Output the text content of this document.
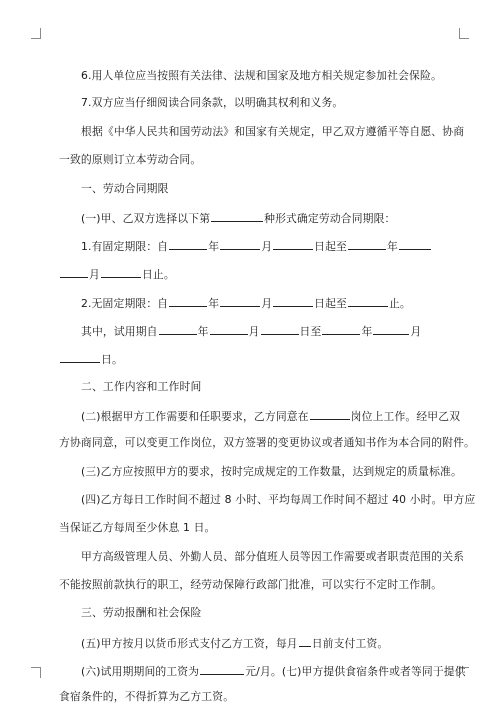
6.用人单位应当按照有关法律、法规和国家及地方相关规定参加社会保险。
7.双方应当仔细阅读合同条款，以明确其权利和义务。
根据《中华人民共和国劳动法》和国家有关规定，甲乙双方遵循平等自愿、协商
一致的原则订立本劳动合同。
一、劳动合同期限
(一)甲、乙双方选择以下第	种形式确定劳动合同期限：
1.有固定期限：自	年	月	日起至	年
月	日止。
2.无固定期限：自	年	月	日起至	止。
其中，试用期自	年	月	日至	年	月
日。
二、工作内容和工作时间
(二)根据甲方工作需要和任职要求，乙方同意在	岗位上工作。经甲乙双
方协商同意，可以变更工作岗位，双方签署的变更协议或者通知书作为本合同的附件。
(三)乙方应按照甲方的要求，按时完成规定的工作数量，达到规定的质量标准。
(四)乙方每日工作时间不超过 8 小时、平均每周工作时间不超过 40 小时。甲方应
当保证乙方每周至少休息 1 日。
甲方高级管理人员、外勤人员、部分值班人员等因工作需要或者职责范围的关系
不能按照前款执行的职工，经劳动保障行政部门批准，可以实行不定时工作制。
三、劳动报酬和社会保险
(五)甲方按月以货币形式支付乙方工资，每月 日前支付工资。
(六)试用期期间的工资为	元/月。(七)甲方提供食宿条件或者等同于提供
食宿条件的，不得折算为乙方工资。
